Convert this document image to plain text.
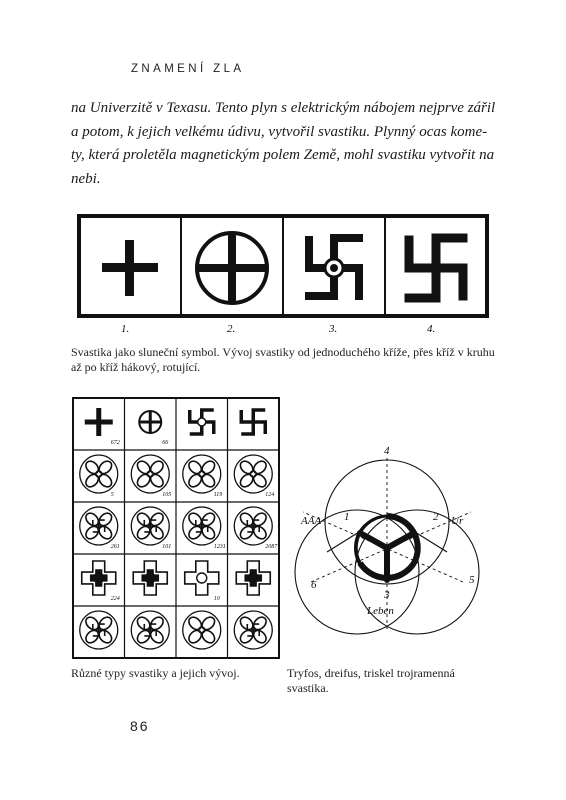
ZNAMENÍ ZLA
na Univerzitě v Texasu. Tento plyn s elektrickým nábojem nejprve zářil
a potom, k jejich velkému údivu, vytvořil svastiku. Plynný ocas kome-
ty, která proletěla magnetickým polem Země, mohl svastiku vytvořit na
nebi.
1.	2.	3.	4.
Svastika jako sluneční symbol. Vývoj svastiky od jednoduchého kříže, přes kříž v kruhu
až po kříž hákový, rotující.
672	66
5	105	119	124
261	101	1231	2087
224	10
Různé typy svastiky a jejich vývoj.
4
1	2
AAA	Ur
6	5
3
Leben
Tryfos, dreifus, triskel trojramenná
svastika.
86
